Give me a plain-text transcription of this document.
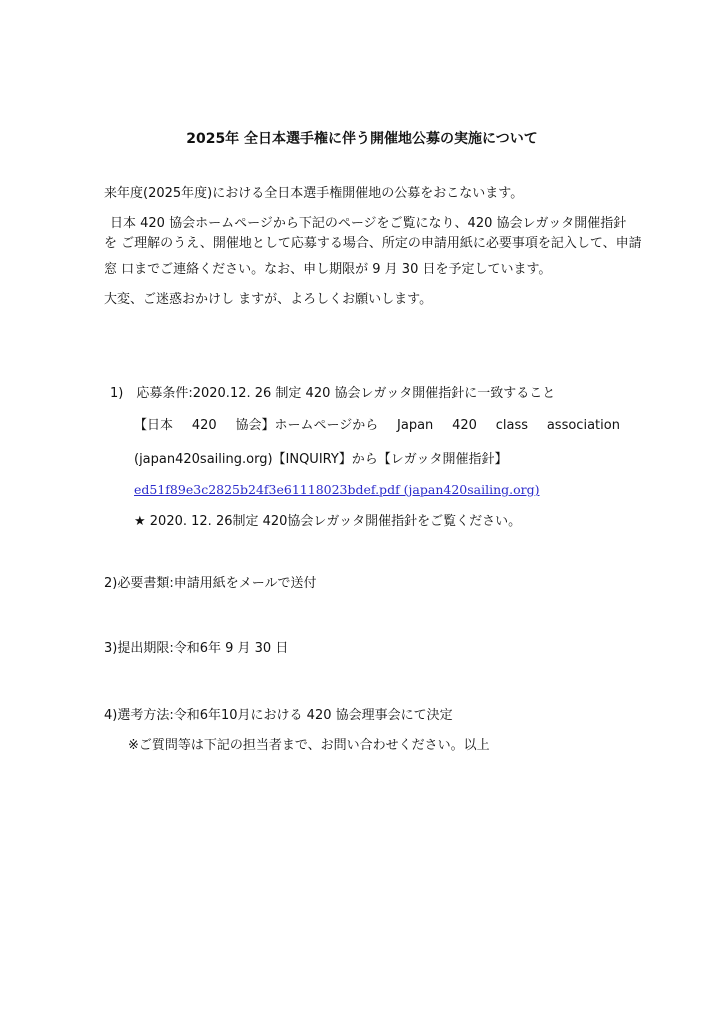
2025年 全日本選手権に伴う開催地公募の実施について
来年度(2025年度)における全日本選手権開催地の公募をおこないます。
日本 420 協会ホームページから下記のページをご覧になり、420 協会レガッタ開催指針
を ご理解のうえ、開催地として応募する場合、所定の申請用紙に必要事項を記入して、申請
窓 口までご連絡ください。なお、申し期限が 9 月 30 日を予定しています。
大変、ご迷惑おかけし ますが、よろしくお願いします。
1)　応募条件:2020.12. 26 制定 420 協会レガッタ開催指針に一致すること
【日本 420 協会】ホームページから Japan 420 class association
(japan420sailing.org)【INQUIRY】から【レガッタ開催指針】
ed51f89e3c2825b24f3e61118023bdef.pdf (japan420sailing.org)
★ 2020. 12. 26制定 420協会レガッタ開催指針をご覧ください。
2)必要書類:申請用紙をメールで送付
3)提出期限:令和6年 9 月 30 日
4)選考方法:令和6年10月における 420 協会理事会にて決定
※ご質問等は下記の担当者まで、お問い合わせください。以上
